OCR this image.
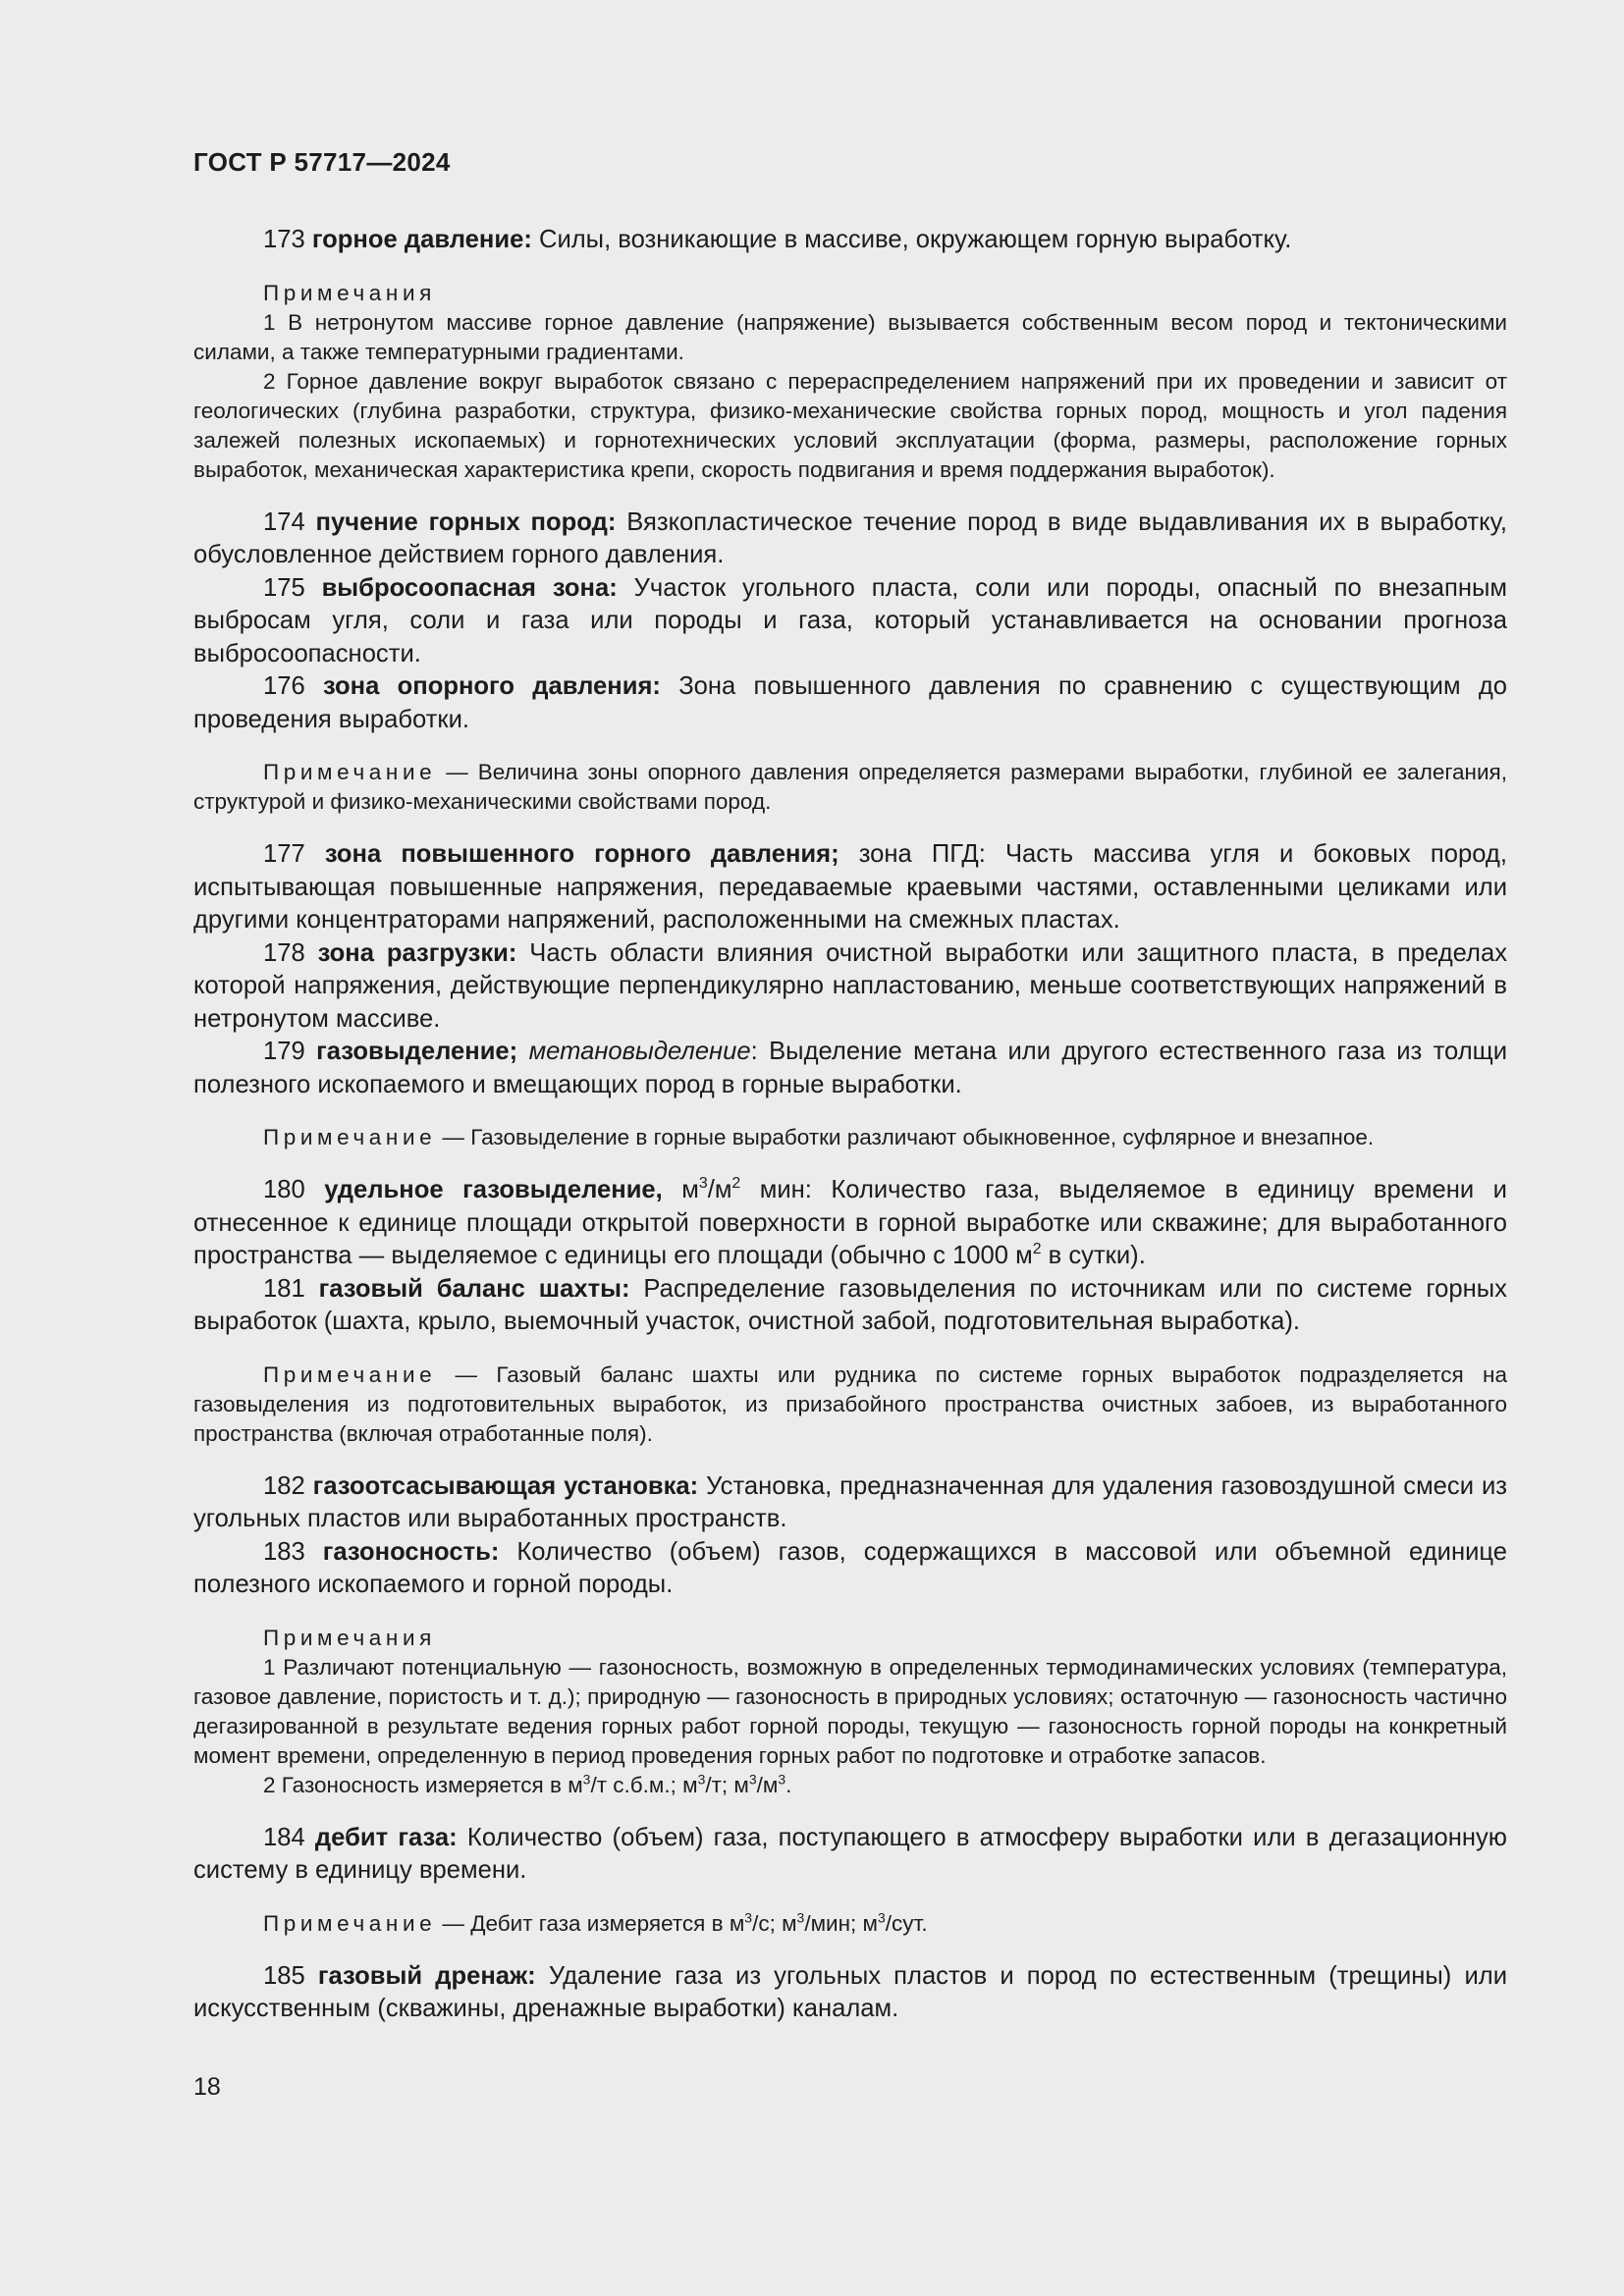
ГОСТ Р 57717—2024

173 горное давление: Силы, возникающие в массиве, окружающем горную выработку.

Примечания

1 В нетронутом массиве горное давление (напряжение) вызывается собственным весом пород и тектоническими силами, а также температурными градиентами.

2 Горное давление вокруг выработок связано с перераспределением напряжений при их проведении и зависит от геологических (глубина разработки, структура, физико-механические свойства горных пород, мощность и угол падения залежей полезных ископаемых) и горнотехнических условий эксплуатации (форма, размеры, расположение горных выработок, механическая характеристика крепи, скорость подвигания и время поддержания выработок).

174 пучение горных пород: Вязкопластическое течение пород в виде выдавливания их в выработку, обусловленное действием горного давления.

175 выбросоопасная зона: Участок угольного пласта, соли или породы, опасный по внезапным выбросам угля, соли и газа или породы и газа, который устанавливается на основании прогноза выбросоопасности.

176 зона опорного давления: Зона повышенного давления по сравнению с существующим до проведения выработки.

Примечание — Величина зоны опорного давления определяется размерами выработки, глубиной ее залегания, структурой и физико-механическими свойствами пород.

177 зона повышенного горного давления; зона ПГД: Часть массива угля и боковых пород, испытывающая повышенные напряжения, передаваемые краевыми частями, оставленными целиками или другими концентраторами напряжений, расположенными на смежных пластах.

178 зона разгрузки: Часть области влияния очистной выработки или защитного пласта, в пределах которой напряжения, действующие перпендикулярно напластованию, меньше соответствующих напряжений в нетронутом массиве.

179 газовыделение; метановыделение: Выделение метана или другого естественного газа из толщи полезного ископаемого и вмещающих пород в горные выработки.

Примечание — Газовыделение в горные выработки различают обыкновенное, суфлярное и внезапное.

180 удельное газовыделение, $м^3/м^2$ мин: Количество газа, выделяемое в единицу времени и отнесенное к единице площади открытой поверхности в горной выработке или скважине; для выработанного пространства — выделяемое с единицы его площади (обычно с 1000 $м^2$ в сутки).

181 газовый баланс шахты: Распределение газовыделения по источникам или по системе горных выработок (шахта, крыло, выемочный участок, очистной забой, подготовительная выработка).

Примечание — Газовый баланс шахты или рудника по системе горных выработок подразделяется на газовыделения из подготовительных выработок, из призабойного пространства очистных забоев, из выработанного пространства (включая отработанные поля).

182 газоотсасывающая установка: Установка, предназначенная для удаления газовоздушной смеси из угольных пластов или выработанных пространств.

183 газоносность: Количество (объем) газов, содержащихся в массовой или объемной единице полезного ископаемого и горной породы.

Примечания

1 Различают потенциальную — газоносность, возможную в определенных термодинамических условиях (температура, газовое давление, пористость и т. д.); природную — газоносность в природных условиях; остаточную — газоносность частично дегазированной в результате ведения горных работ горной породы, текущую — газоносность горной породы на конкретный момент времени, определенную в период проведения горных работ по подготовке и отработке запасов.

2 Газоносность измеряется в $м^3/т$ с.б.м.; $м^3/т$; $м^3/м^3$.

184 дебит газа: Количество (объем) газа, поступающего в атмосферу выработки или в дегазационную систему в единицу времени.

Примечание — Дебит газа измеряется в $м^3/с$; $м^3$/мин; $м^3$/сут.

185 газовый дренаж: Удаление газа из угольных пластов и пород по естественным (трещины) или искусственным (скважины, дренажные выработки) каналам.

18
